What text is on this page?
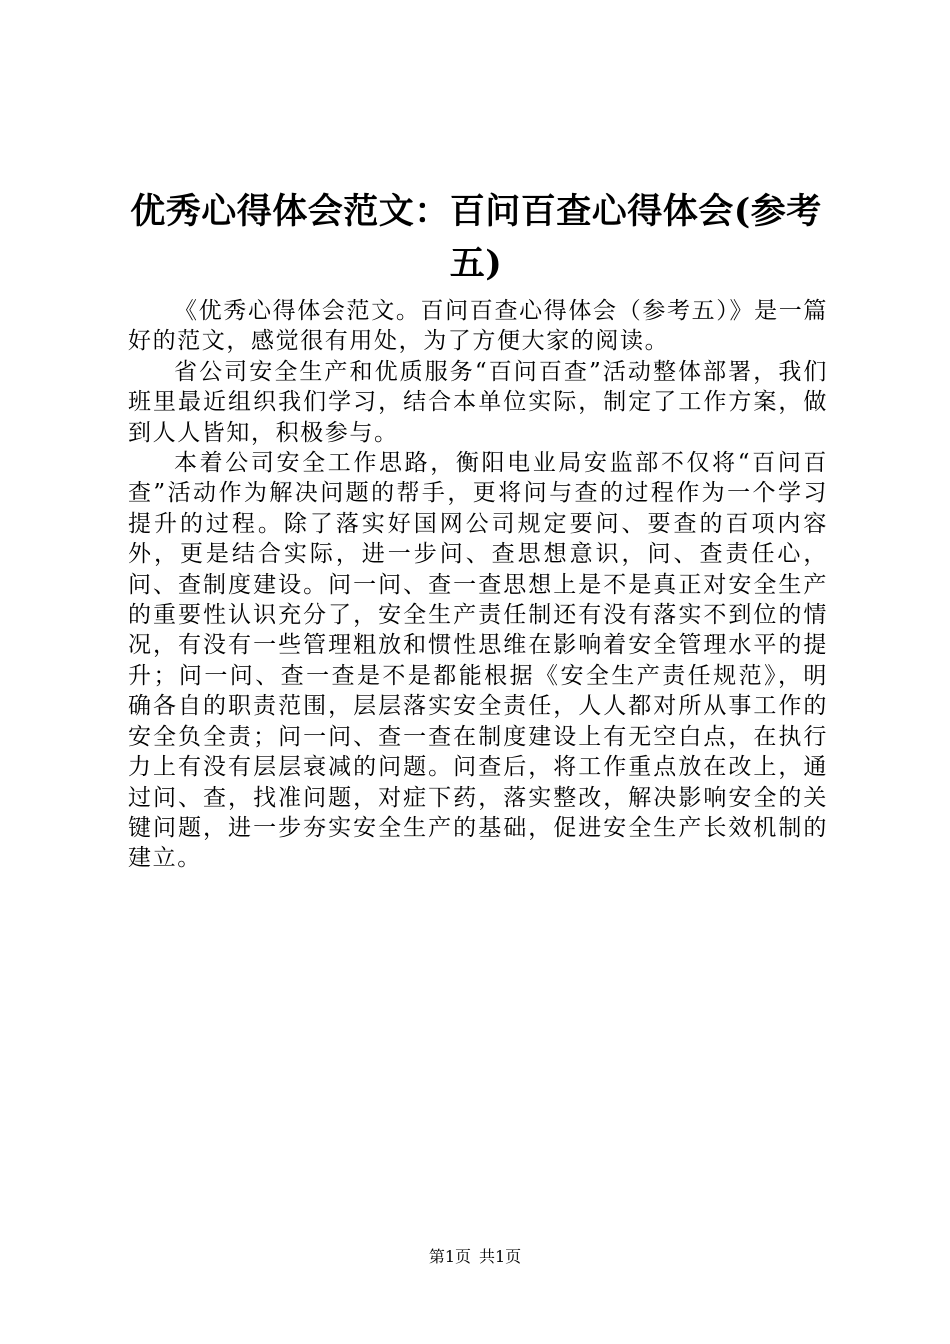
优秀心得体会范文：百问百查心得体会(参考五)

《优秀心得体会范文。百问百查心得体会（参考五）》是一篇好的范文，感觉很有用处，为了方便大家的阅读。

省公司安全生产和优质服务“百问百查”活动整体部署，我们班里最近组织我们学习，结合本单位实际，制定了工作方案，做到人人皆知，积极参与。

本着公司安全工作思路，衡阳电业局安监部不仅将“百问百查”活动作为解决问题的帮手，更将问与查的过程作为一个学习提升的过程。除了落实好国网公司规定要问、要查的百项内容外，更是结合实际，进一步问、查思想意识，问、查责任心，问、查制度建设。问一问、查一查思想上是不是真正对安全生产的重要性认识充分了，安全生产责任制还有没有落实不到位的情况，有没有一些管理粗放和惯性思维在影响着安全管理水平的提升；问一问、查一查是不是都能根据《安全生产责任规范》，明确各自的职责范围，层层落实安全责任，人人都对所从事工作的安全负全责；问一问、查一查在制度建设上有无空白点，在执行力上有没有层层衰减的问题。问查后，将工作重点放在改上，通过问、查，找准问题，对症下药，落实整改，解决影响安全的关键问题，进一步夯实安全生产的基础，促进安全生产长效机制的建立。

第1页 共1页
